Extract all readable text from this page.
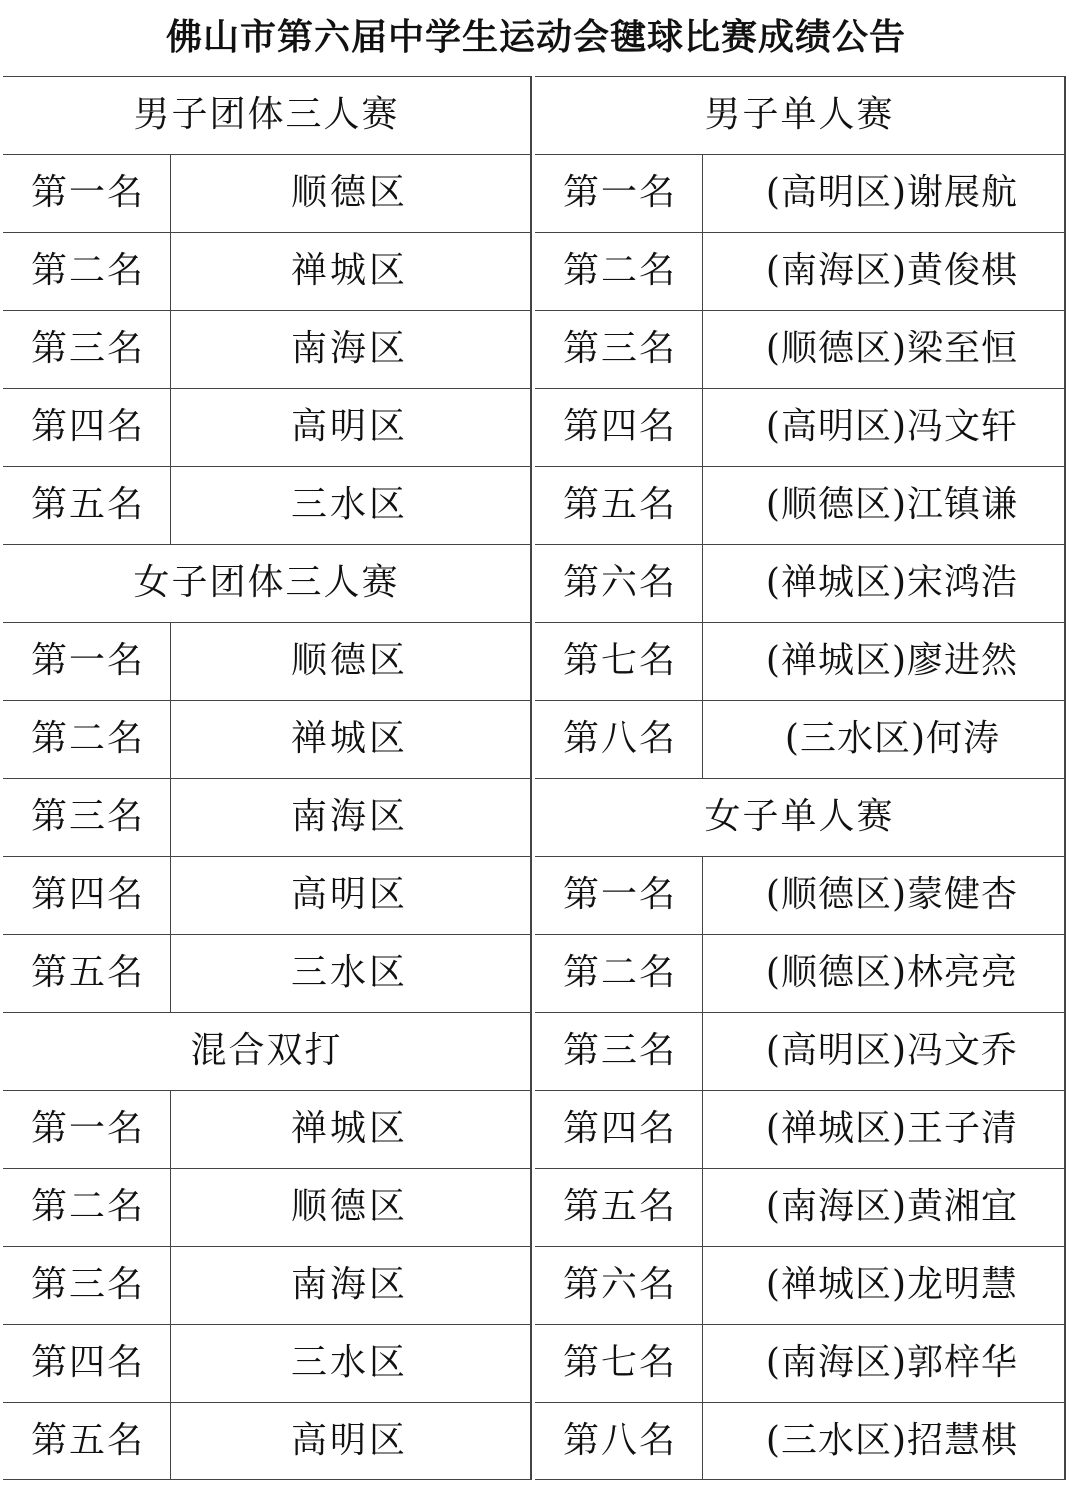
佛山市第六届中学生运动会毽球比赛成绩公告
男子团体三人赛
第一名	顺德区
第二名	禅城区
第三名	南海区
第四名	高明区
第五名	三水区
女子团体三人赛
第一名	顺德区
第二名	禅城区
第三名	南海区
第四名	高明区
第五名	三水区
混合双打
第一名	禅城区
第二名	顺德区
第三名	南海区
第四名	三水区
第五名	高明区
男子单人赛
第一名	(高明区)谢展航
第二名	(南海区)黄俊棋
第三名	(顺德区)梁至恒
第四名	(高明区)冯文轩
第五名	(顺德区)江镇谦
第六名	(禅城区)宋鸿浩
第七名	(禅城区)廖进然
第八名	(三水区)何涛
女子单人赛
第一名	(顺德区)蒙健杏
第二名	(顺德区)林亮亮
第三名	(高明区)冯文乔
第四名	(禅城区)王子清
第五名	(南海区)黄湘宜
第六名	(禅城区)龙明慧
第七名	(南海区)郭梓华
第八名	(三水区)招慧棋
